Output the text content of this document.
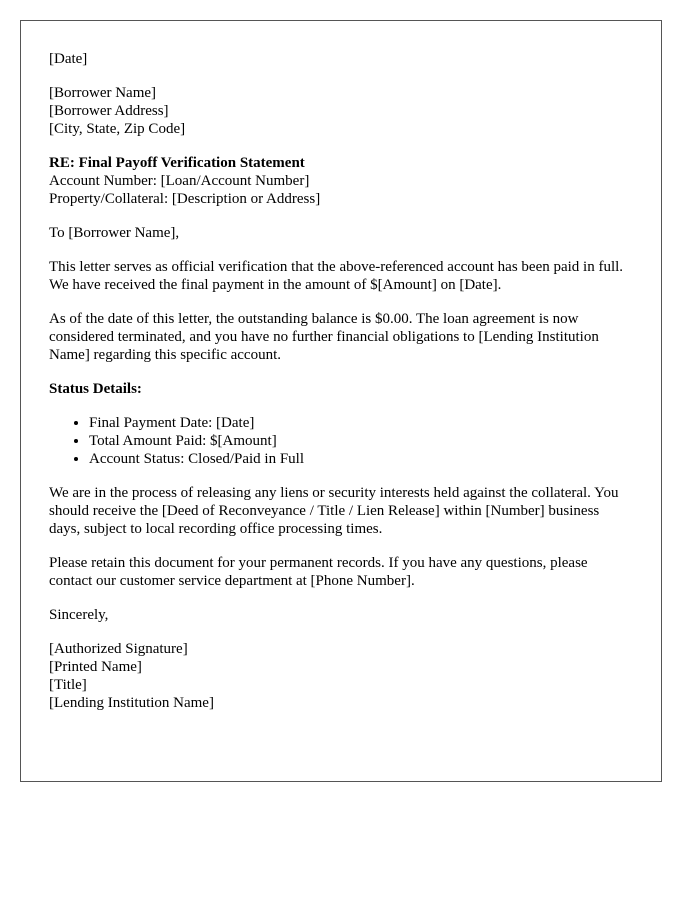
[Date]
[Borrower Name]
[Borrower Address]
[City, State, Zip Code]
RE: Final Payoff Verification Statement
Account Number: [Loan/Account Number]
Property/Collateral: [Description or Address]
To [Borrower Name],

This letter serves as official verification that the above-referenced account has been paid in full. We have received the final payment in the amount of $[Amount] on [Date].

As of the date of this letter, the outstanding balance is $0.00. The loan agreement is now considered terminated, and you have no further financial obligations to [Lending Institution Name] regarding this specific account.

Status Details:
• Final Payment Date: [Date]
• Total Amount Paid: $[Amount]
• Account Status: Closed/Paid in Full

We are in the process of releasing any liens or security interests held against the collateral. You should receive the [Deed of Reconveyance / Title / Lien Release] within [Number] business days, subject to local recording office processing times.

Please retain this document for your permanent records. If you have any questions, please contact our customer service department at [Phone Number].

Sincerely,
[Authorized Signature]
[Printed Name]
[Title]
[Lending Institution Name]
